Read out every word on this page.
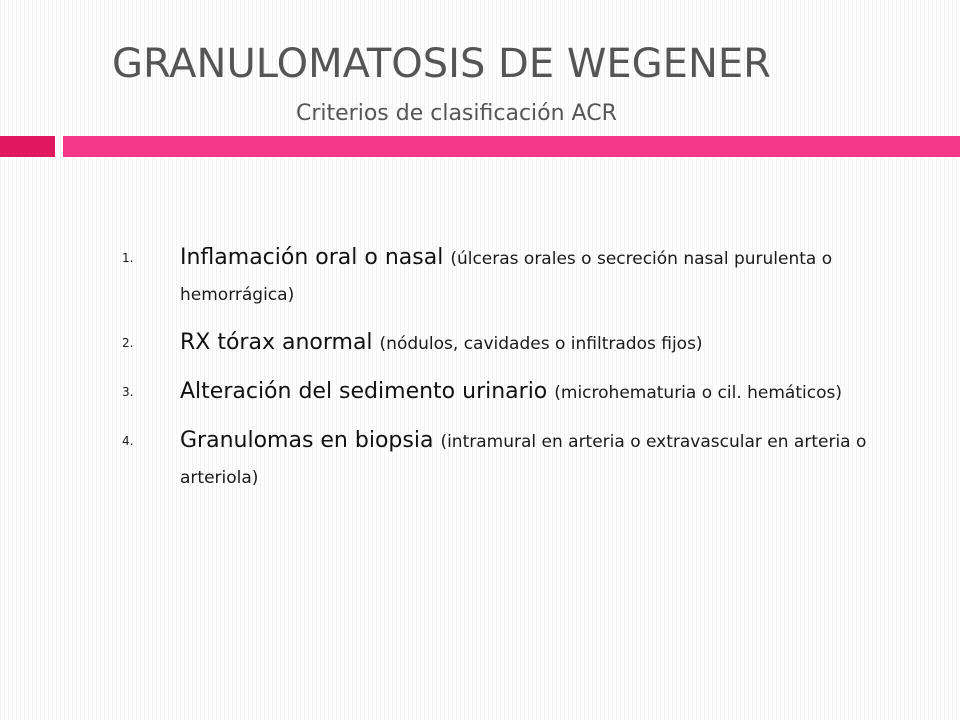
GRANULOMATOSIS DE WEGENER
Criterios de clasificación ACR
1. Inflamación oral o nasal (úlceras orales o secreción nasal purulenta o hemorrágica)
2. RX tórax anormal (nódulos, cavidades o infiltrados fijos)
3. Alteración del sedimento urinario (microhematuria o cil. hemáticos)
4. Granulomas en biopsia (intramural en arteria o extravascular en arteria o arteriola)
